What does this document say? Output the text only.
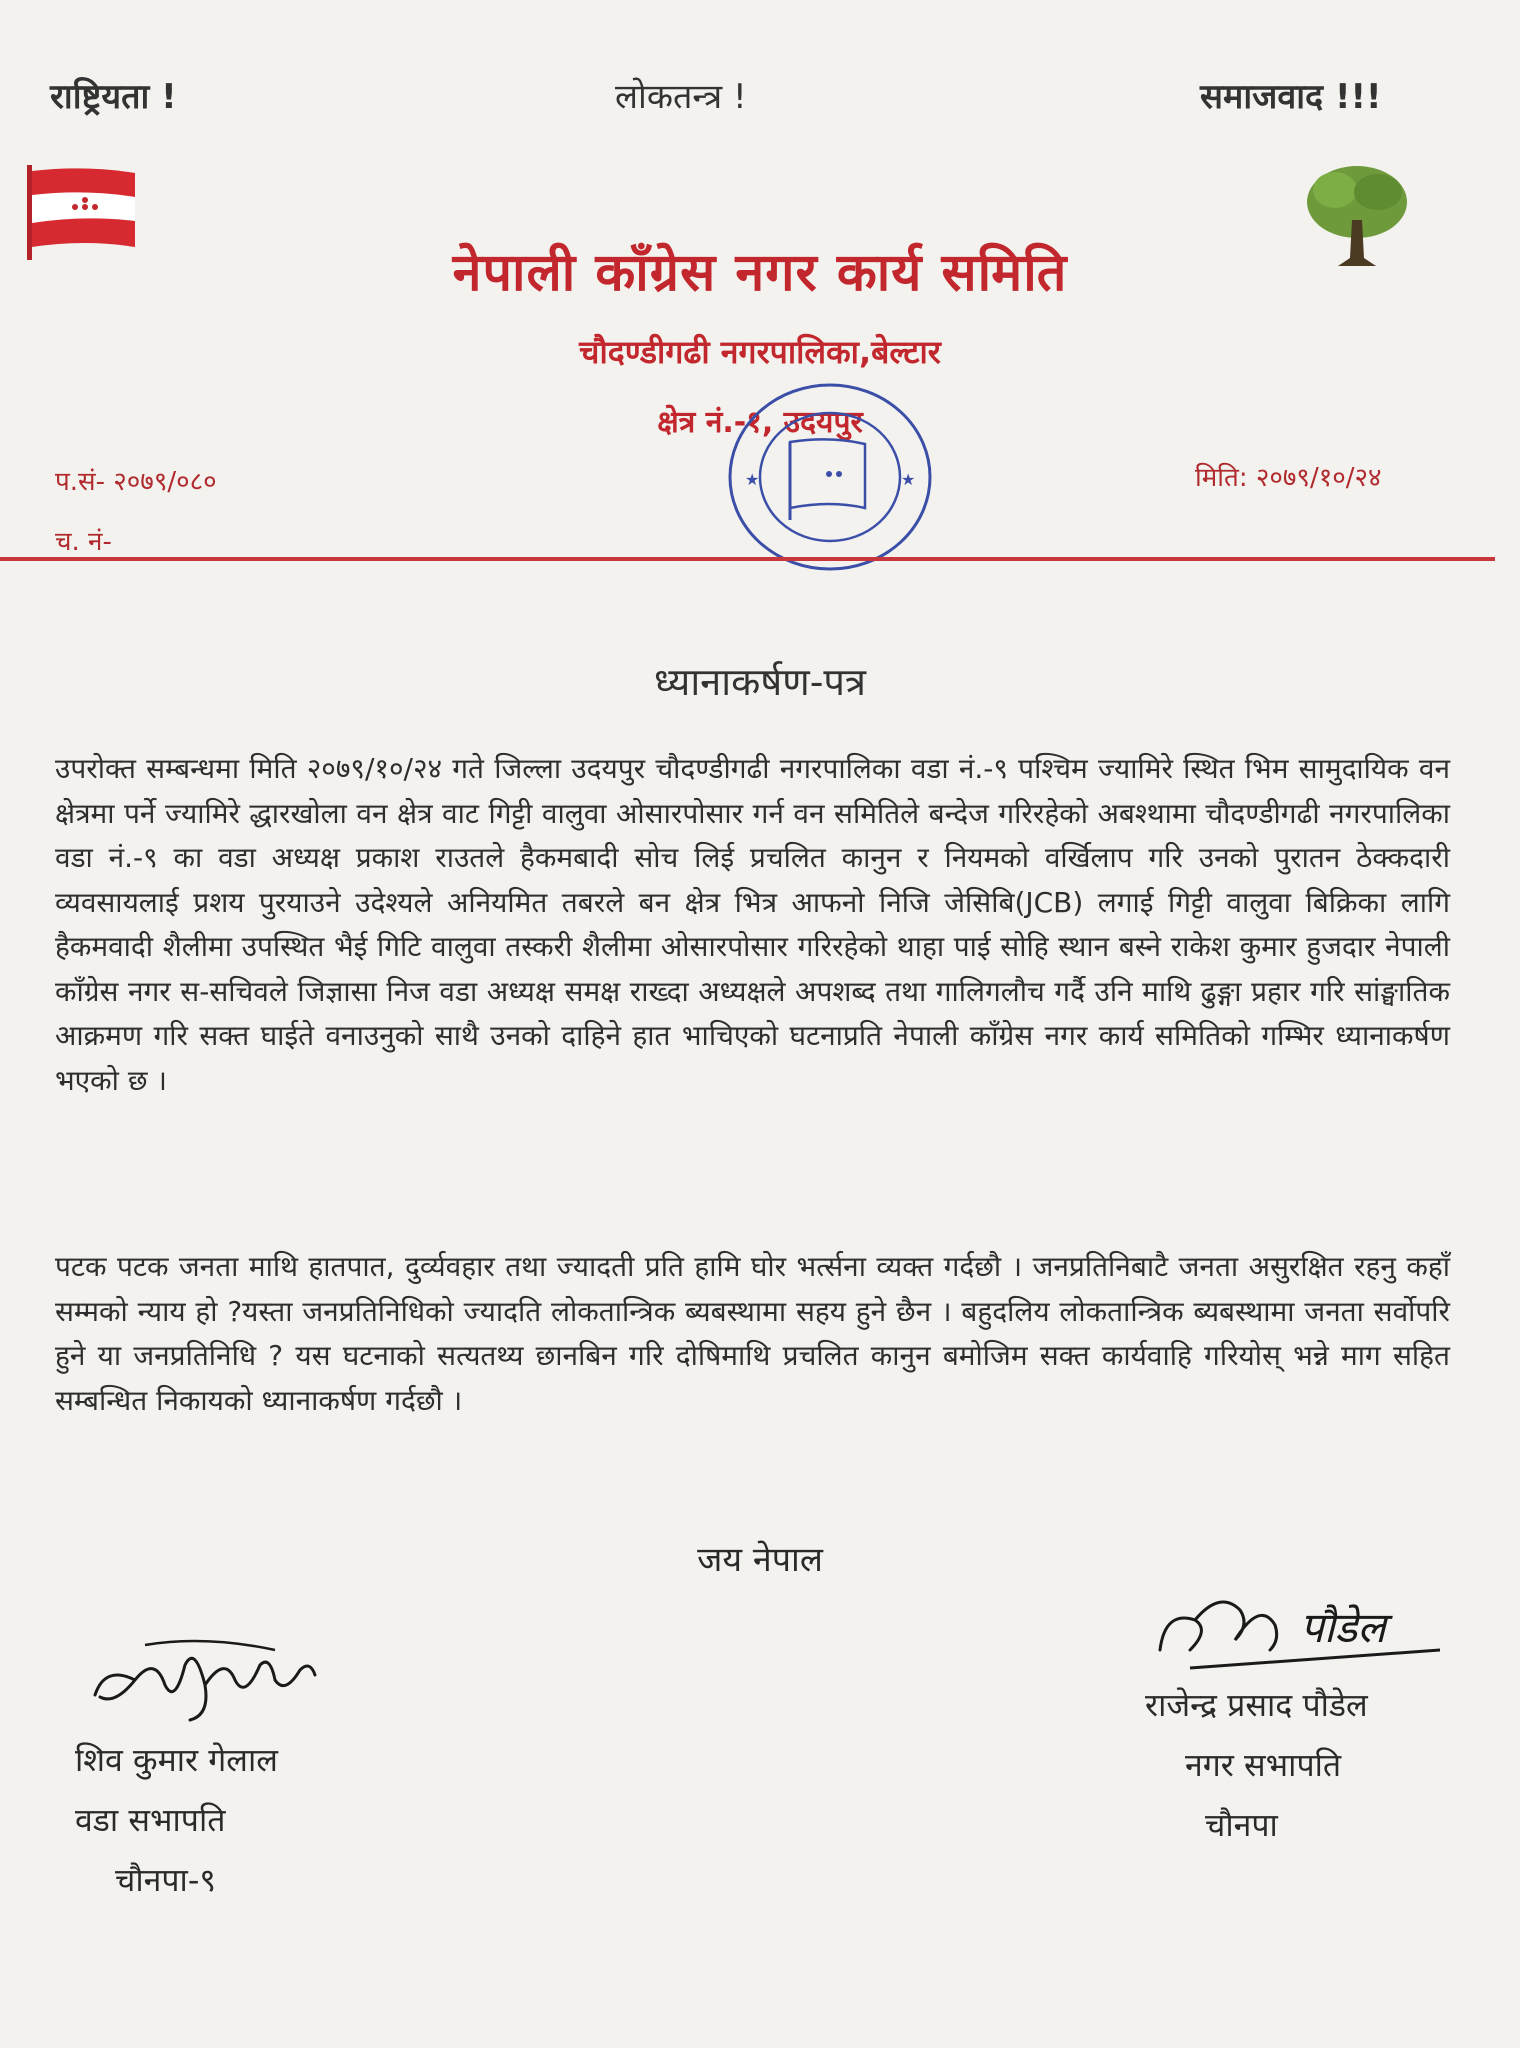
राष्ट्रियता !	लोकतन्त्र !	समाजवाद !!!
नेपाली काँग्रेस नगर कार्य समिति
चौदण्डीगढी नगरपालिका,बेल्टार
क्षेत्र नं.-१, उदयपुर
★	★
प.सं- २०७९/०८०
च. नं-
मिति: २०७९/१०/२४
ध्यानाकर्षण-पत्र
उपरोक्त सम्बन्धमा मिति २०७९/१०/२४ गते जिल्ला उदयपुर चौदण्डीगढी नगरपालिका वडा नं.-९ पश्चिम ज्यामिरे स्थित भिम सामुदायिक वन क्षेत्रमा पर्ने ज्यामिरे द्धारखोला वन क्षेत्र वाट गिट्टी वालुवा ओसारपोसार गर्न वन समितिले बन्देज गरिरहेको अबश्थामा चौदण्डीगढी नगरपालिका वडा नं.-९ का वडा अध्यक्ष प्रकाश राउतले हैकमबादी सोच लिई प्रचलित कानुन र नियमको वर्खिलाप गरि उनको पुरातन ठेक्कदारी व्यवसायलाई प्रशय पुरयाउने उदेश्यले अनियमित तबरले बन क्षेत्र भित्र आफनो निजि जेसिबि(JCB) लगाई गिट्टी वालुवा बिक्रिका लागि हैकमवादी शैलीमा उपस्थित भैई गिटि वालुवा तस्करी शैलीमा ओसारपोसार गरिरहेको थाहा पाई सोहि स्थान बस्ने राकेश कुमार हुजदार नेपाली काँग्रेस नगर स-सचिवले जिज्ञासा निज वडा अध्यक्ष समक्ष राख्दा अध्यक्षले अपशब्द तथा गालिगलौच गर्दै उनि माथि ढुङ्गा प्रहार गरि सांङ्घातिक आक्रमण गरि सक्त घाईते वनाउनुको साथै उनको दाहिने हात भाचिएको घटनाप्रति नेपाली काँग्रेस नगर कार्य समितिको गम्भिर ध्यानाकर्षण भएको छ ।
पटक पटक जनता माथि हातपात, दुर्व्यवहार तथा ज्यादती प्रति हामि घोर भर्त्सना व्यक्त गर्दछौ । जनप्रतिनिबाटै जनता असुरक्षित रहनु कहाँ सम्मको न्याय हो ?यस्ता जनप्रतिनिधिको ज्यादति लोकतान्त्रिक ब्यबस्थामा सहय हुने छैन । बहुदलिय लोकतान्त्रिक ब्यबस्थामा जनता सर्वोपरि हुने या जनप्रतिनिधि ? यस घटनाको सत्यतथ्य छानबिन गरि दोषिमाथि प्रचलित कानुन बमोजिम सक्त कार्यवाहि गरियोस् भन्ने माग सहित सम्बन्धित निकायको ध्यानाकर्षण गर्दछौ ।
जय नेपाल
पौडेल
शिव कुमार गेलाल
वडा सभापति
चौनपा-९
राजेन्द्र प्रसाद पौडेल
नगर सभापति
चौनपा
